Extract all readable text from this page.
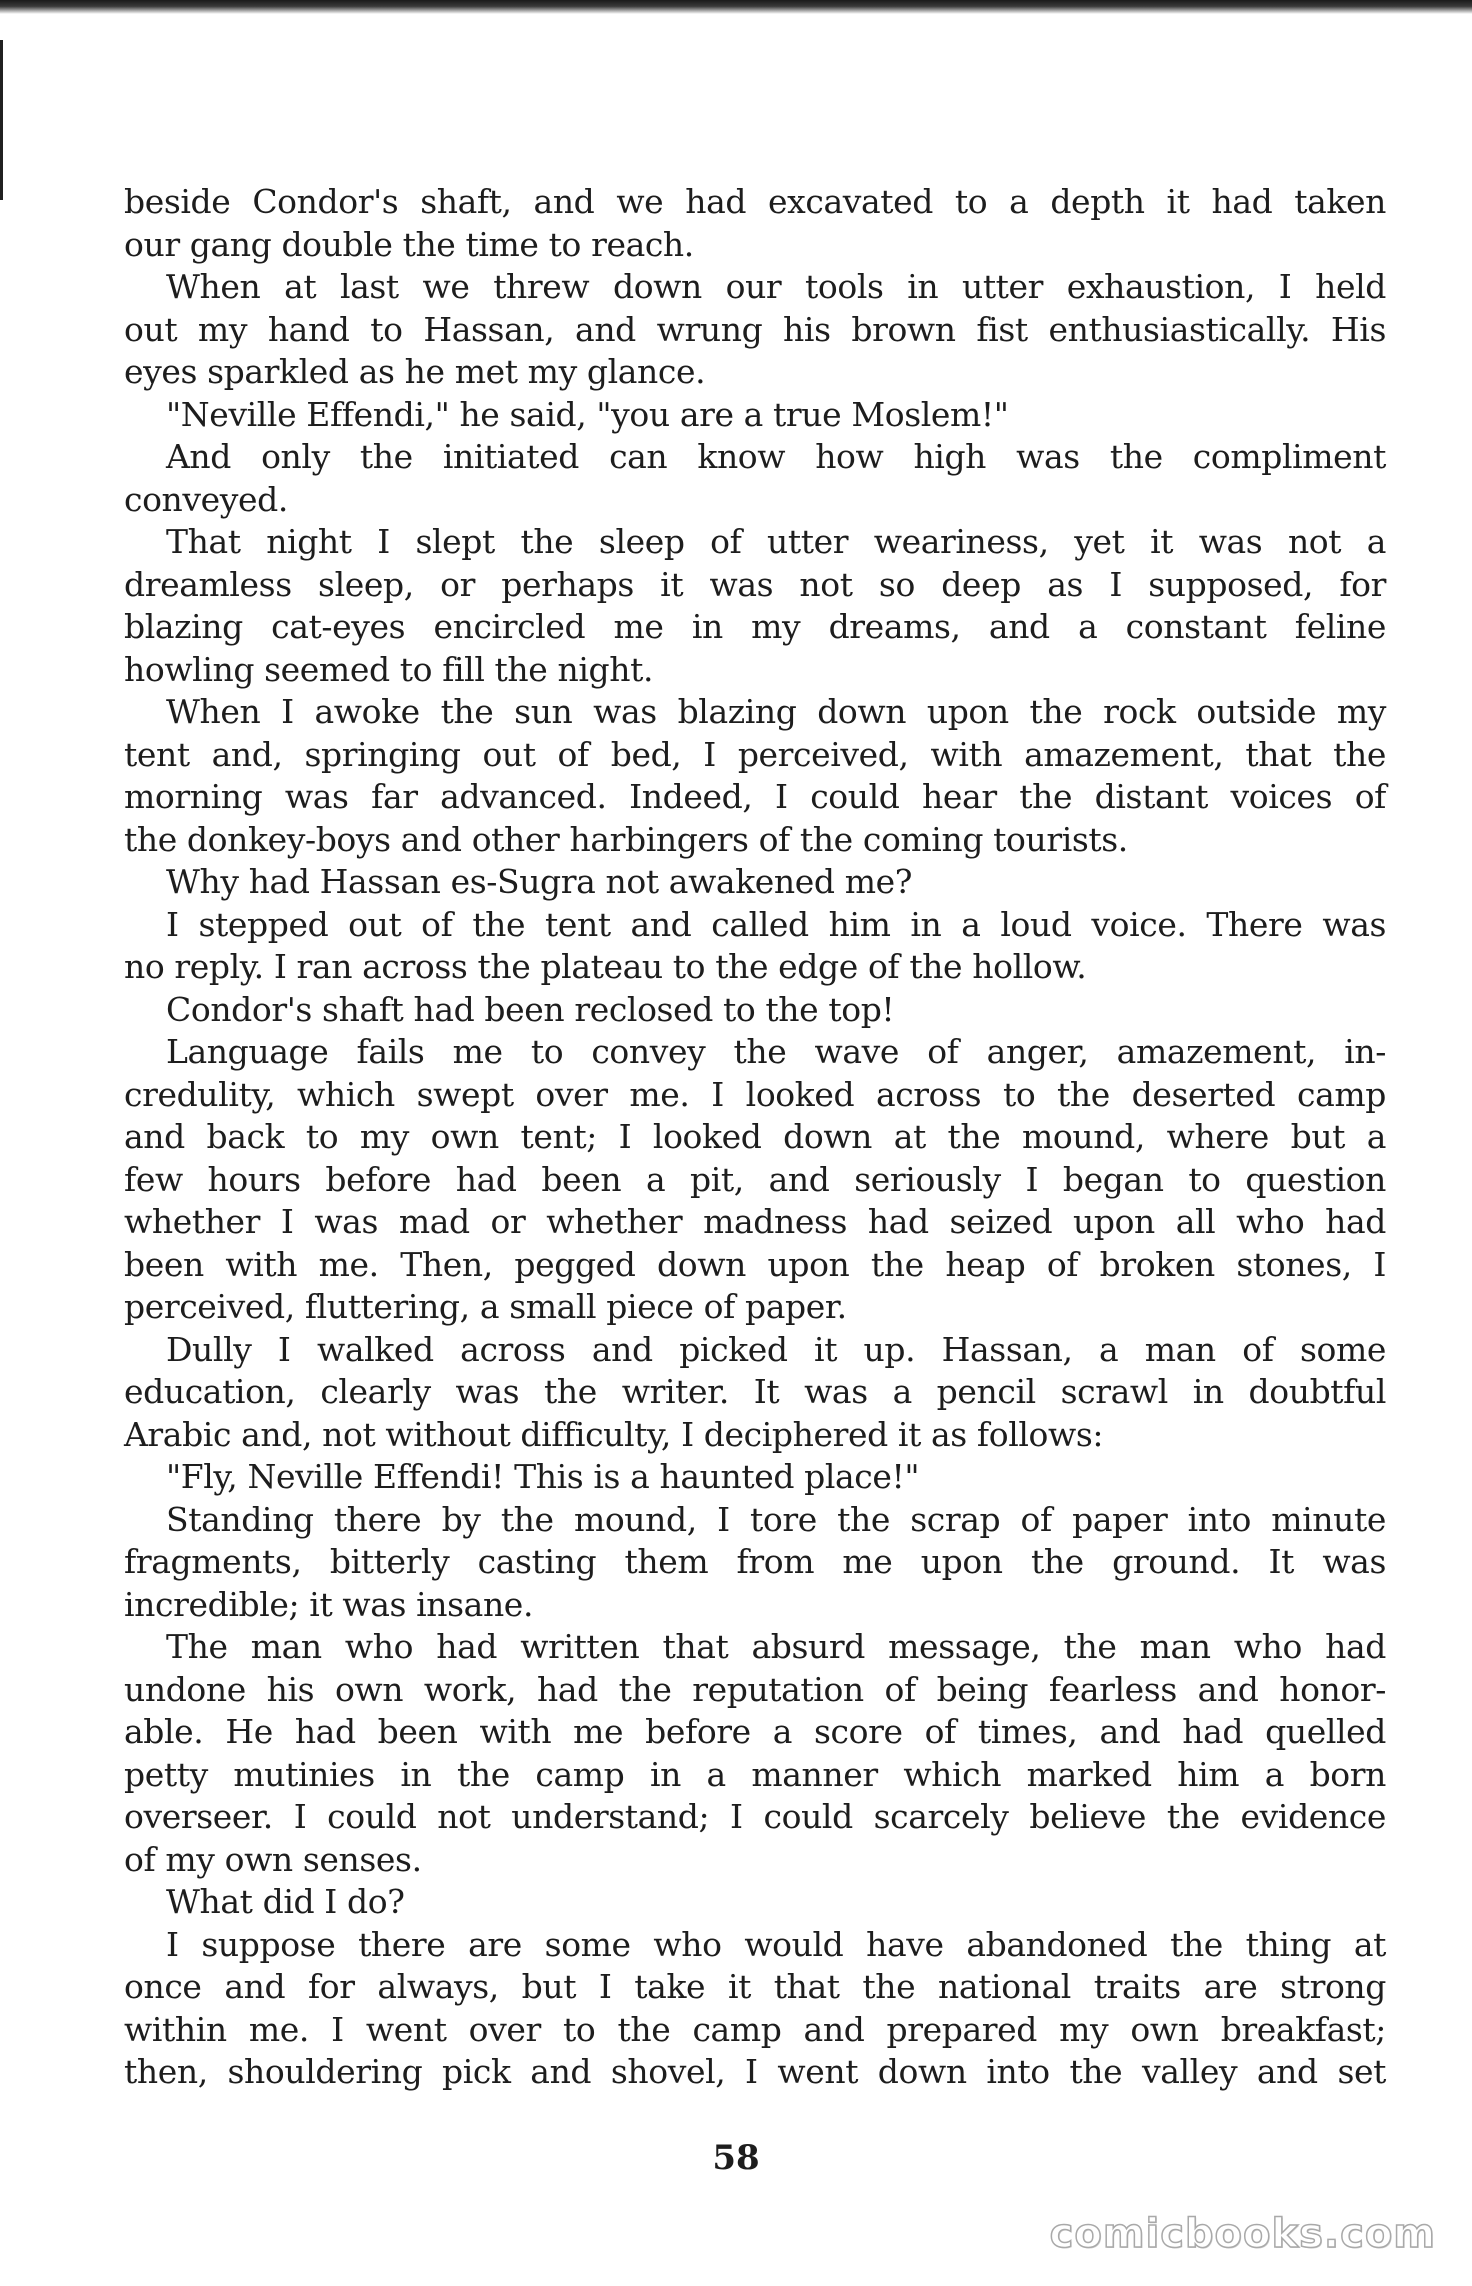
beside Condor's shaft, and we had excavated to a depth it had taken

our gang double the time to reach.

When at last we threw down our tools in utter exhaustion, I held

out my hand to Hassan, and wrung his brown fist enthusiastically. His

eyes sparkled as he met my glance.

"Neville Effendi," he said, "you are a true Moslem!"

And only the initiated can know how high was the compliment

conveyed.

That night I slept the sleep of utter weariness, yet it was not a

dreamless sleep, or perhaps it was not so deep as I supposed, for

blazing cat-eyes encircled me in my dreams, and a constant feline

howling seemed to fill the night.

When I awoke the sun was blazing down upon the rock outside my

tent and, springing out of bed, I perceived, with amazement, that the

morning was far advanced. Indeed, I could hear the distant voices of

the donkey-boys and other harbingers of the coming tourists.

Why had Hassan es-Sugra not awakened me?

I stepped out of the tent and called him in a loud voice. There was

no reply. I ran across the plateau to the edge of the hollow.

Condor's shaft had been reclosed to the top!

Language fails me to convey the wave of anger, amazement, in-

credulity, which swept over me. I looked across to the deserted camp

and back to my own tent; I looked down at the mound, where but a

few hours before had been a pit, and seriously I began to question

whether I was mad or whether madness had seized upon all who had

been with me. Then, pegged down upon the heap of broken stones, I

perceived, fluttering, a small piece of paper.

Dully I walked across and picked it up. Hassan, a man of some

education, clearly was the writer. It was a pencil scrawl in doubtful

Arabic and, not without difficulty, I deciphered it as follows:

"Fly, Neville Effendi! This is a haunted place!"

Standing there by the mound, I tore the scrap of paper into minute

fragments, bitterly casting them from me upon the ground. It was

incredible; it was insane.

The man who had written that absurd message, the man who had

undone his own work, had the reputation of being fearless and honor-

able. He had been with me before a score of times, and had quelled

petty mutinies in the camp in a manner which marked him a born

overseer. I could not understand; I could scarcely believe the evidence

of my own senses.

What did I do?

I suppose there are some who would have abandoned the thing at

once and for always, but I take it that the national traits are strong

within me. I went over to the camp and prepared my own breakfast;

then, shouldering pick and shovel, I went down into the valley and set

58
comicbooks.com
